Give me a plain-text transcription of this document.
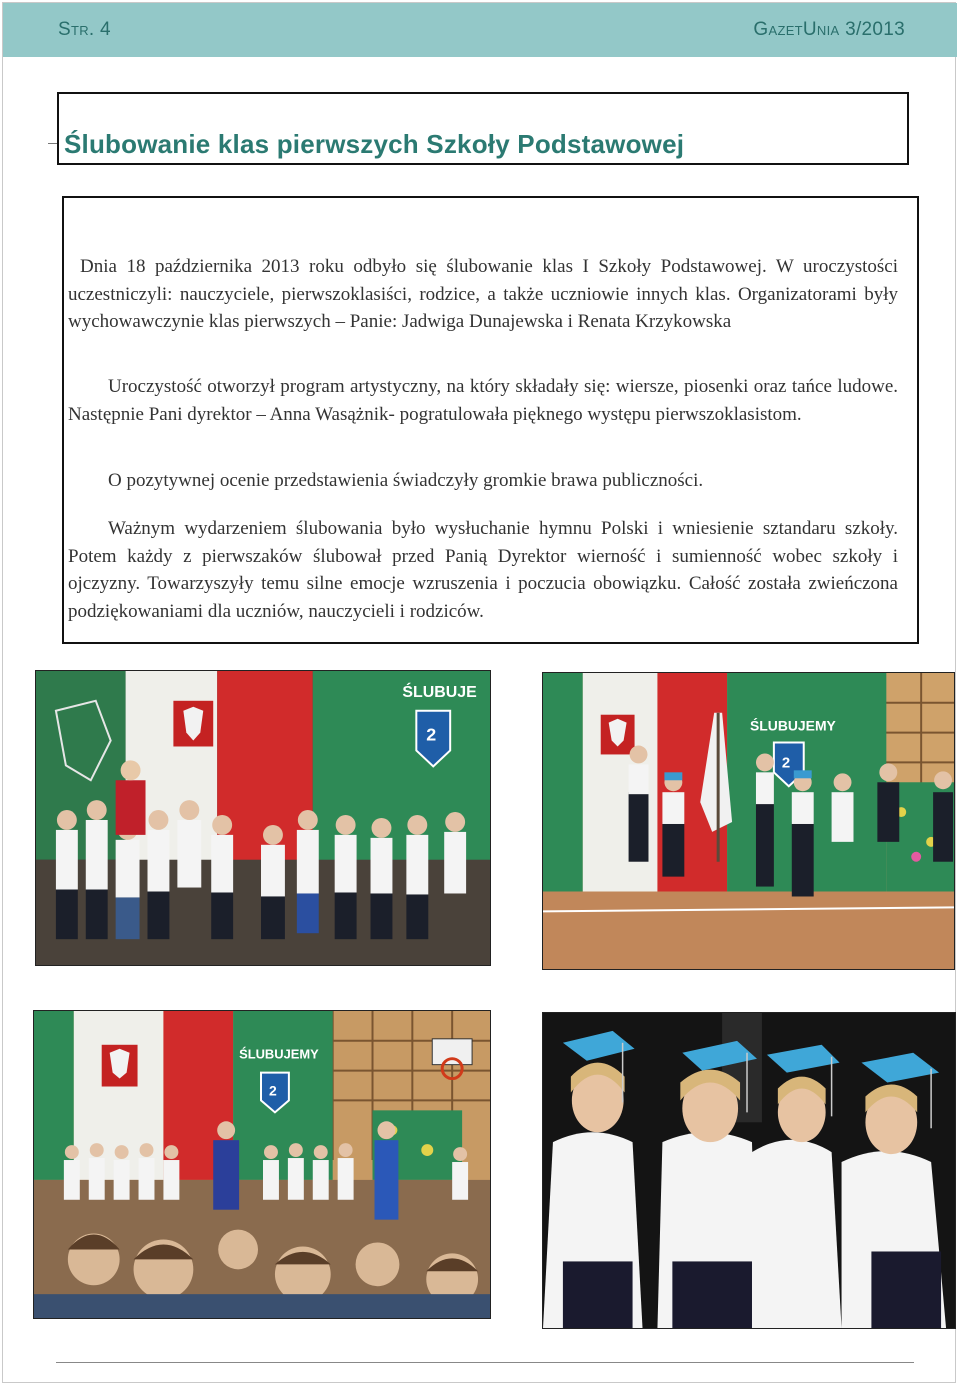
Str. 4	GazetUnia 3/2013
Ślubowanie klas pierwszych Szkoły Podstawowej

Dnia 18 października 2013 roku odbyło się ślubowanie klas I Szkoły Podstawowej. W uroczystości uczestniczyli: nauczyciele, pierwszoklasiści, rodzice, a także uczniowie innych klas. Organizatorami były wychowawczynie klas pierwszych – Panie: Jadwiga Dunajewska i Renata Krzykowska

Uroczystość otworzył program artystyczny, na który składały się: wiersze, piosenki oraz tańce ludowe. Następnie Pani dyrektor – Anna Wasążnik- pogratulowała pięknego występu pierwszoklasistom.

O pozytywnej ocenie przedstawienia świadczyły gromkie brawa publiczności.

Ważnym wydarzeniem ślubowania było wysłuchanie hymnu Polski i wniesienie sztandaru szkoły. Potem każdy z pierwszaków ślubował przed Panią Dyrektor wierność i sumienność wobec szkoły i ojczyzny. Towarzyszyły temu silne emocje wzruszenia i poczucia obowiązku. Całość została zwieńczona podziękowaniami dla uczniów, nauczycieli i rodziców.

ŚLUBUJE
2	ŚLUBUJEMY
2
ŚLUBUJEMY
2
